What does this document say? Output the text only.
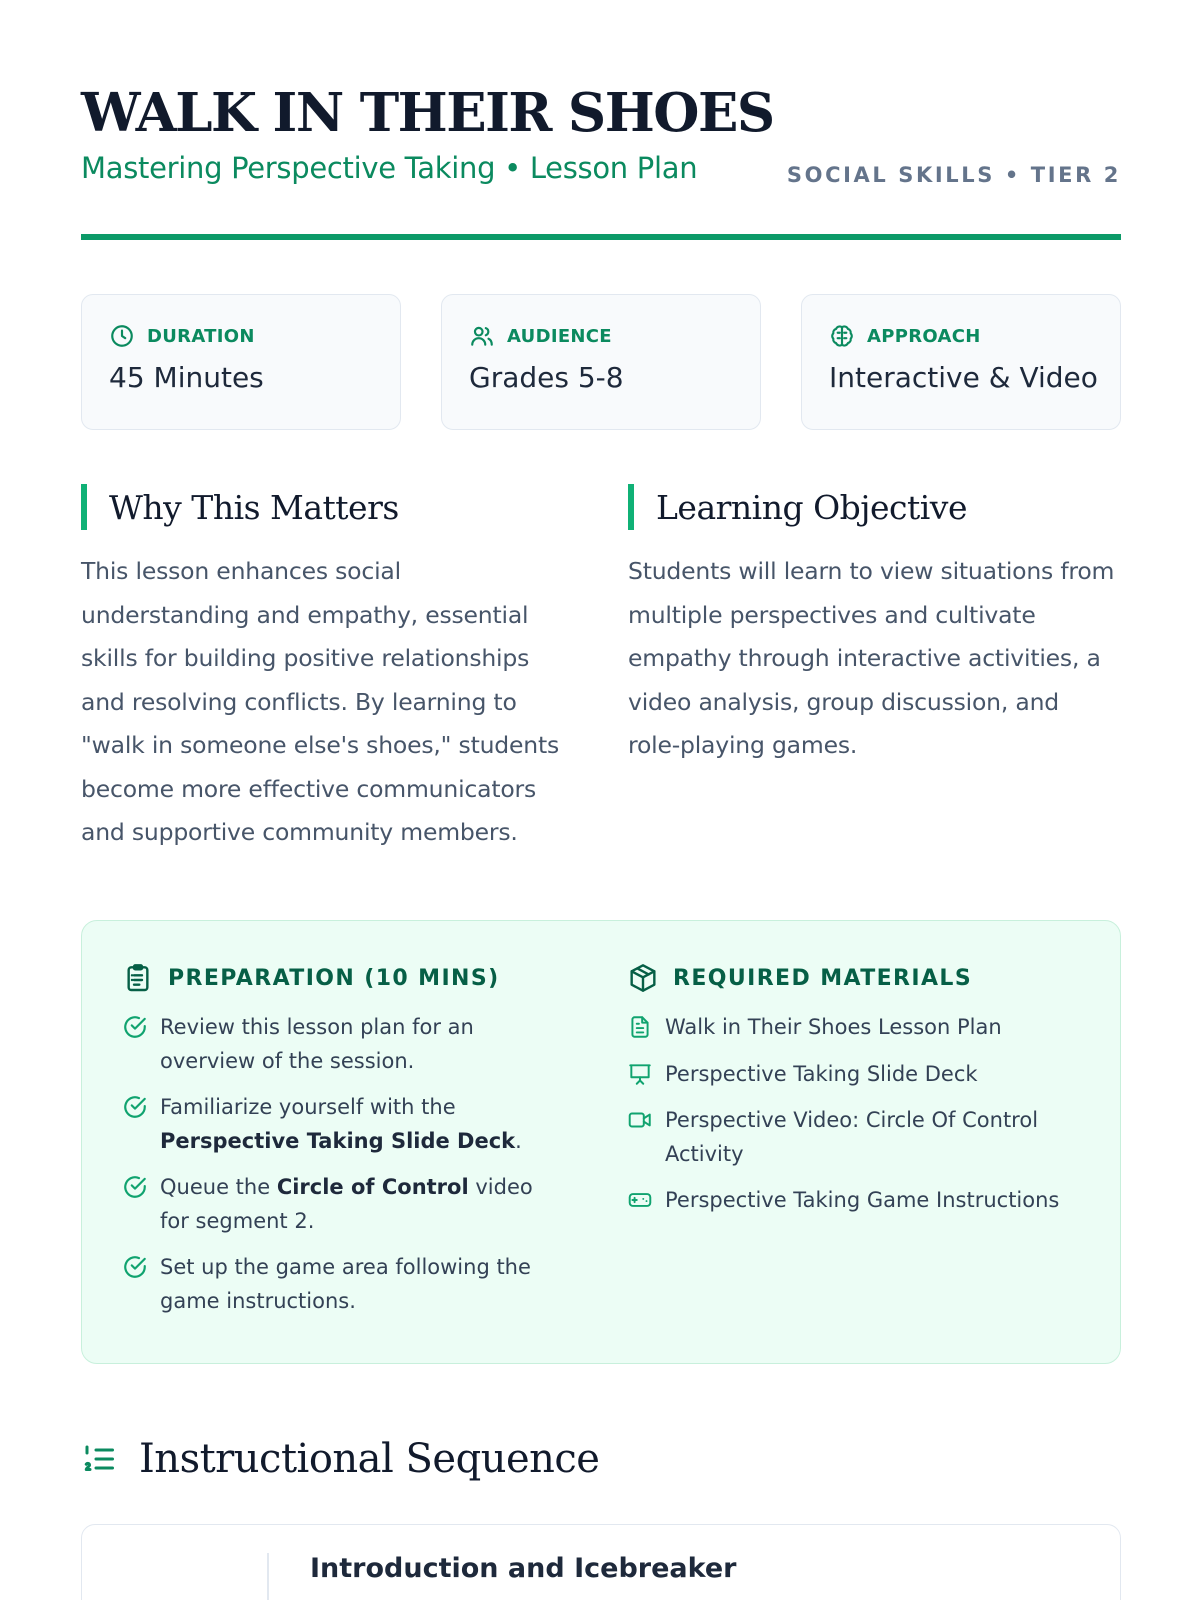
WALK IN THEIR SHOES
Mastering Perspective Taking • Lesson Plan	SOCIAL SKILLS • TIER 2
DURATION
45 Minutes
AUDIENCE
Grades 5-8
APPROACH
Interactive & Video
Why This Matters

This lesson enhances social understanding and empathy, essential skills for building positive relationships and resolving conflicts. By learning to "walk in someone else's shoes," students become more effective communicators and supportive community members.

Learning Objective

Students will learn to view situations from multiple perspectives and cultivate empathy through interactive activities, a video analysis, group discussion, and role-playing games.

PREPARATION (10 MINS)
Review this lesson plan for an overview of the session.
Familiarize yourself with the Perspective Taking Slide Deck.
Queue the Circle of Control video for segment 2.
Set up the game area following the game instructions.
REQUIRED MATERIALS
Walk in Their Shoes Lesson Plan
Perspective Taking Slide Deck
Perspective Video: Circle Of Control Activity
Perspective Taking Game Instructions
Instructional Sequence
Introduction and Icebreaker
